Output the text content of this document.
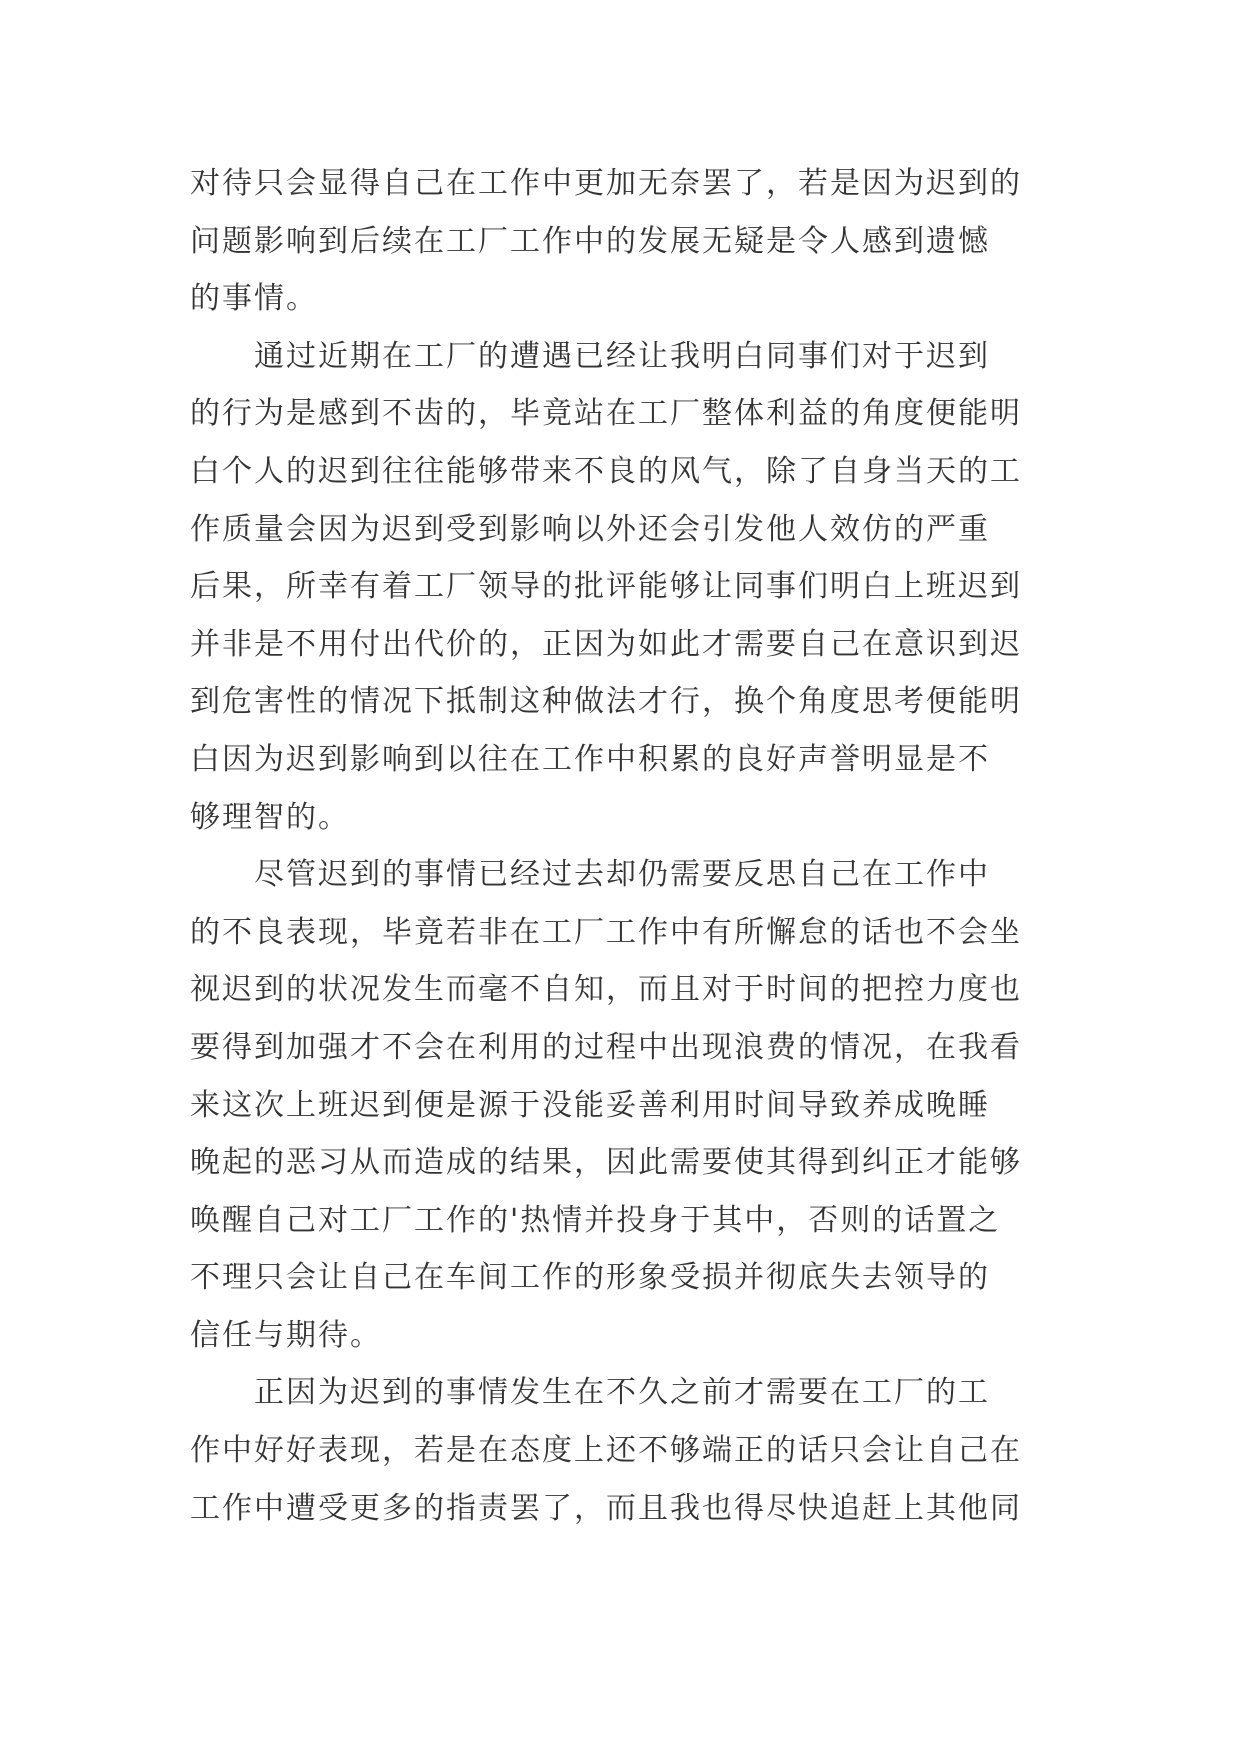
对待只会显得自己在工作中更加无奈罢了，若是因为迟到的
问题影响到后续在工厂工作中的发展无疑是令人感到遗憾
的事情。
　　通过近期在工厂的遭遇已经让我明白同事们对于迟到
的行为是感到不齿的，毕竟站在工厂整体利益的角度便能明
白个人的迟到往往能够带来不良的风气，除了自身当天的工
作质量会因为迟到受到影响以外还会引发他人效仿的严重
后果，所幸有着工厂领导的批评能够让同事们明白上班迟到
并非是不用付出代价的，正因为如此才需要自己在意识到迟
到危害性的情况下抵制这种做法才行，换个角度思考便能明
白因为迟到影响到以往在工作中积累的良好声誉明显是不
够理智的。
　　尽管迟到的事情已经过去却仍需要反思自己在工作中
的不良表现，毕竟若非在工厂工作中有所懈怠的话也不会坐
视迟到的状况发生而毫不自知，而且对于时间的把控力度也
要得到加强才不会在利用的过程中出现浪费的情况，在我看
来这次上班迟到便是源于没能妥善利用时间导致养成晚睡
晚起的恶习从而造成的结果，因此需要使其得到纠正才能够
唤醒自己对工厂工作的'热情并投身于其中，否则的话置之
不理只会让自己在车间工作的形象受损并彻底失去领导的
信任与期待。
　　正因为迟到的事情发生在不久之前才需要在工厂的工
作中好好表现，若是在态度上还不够端正的话只会让自己在
工作中遭受更多的指责罢了，而且我也得尽快追赶上其他同
